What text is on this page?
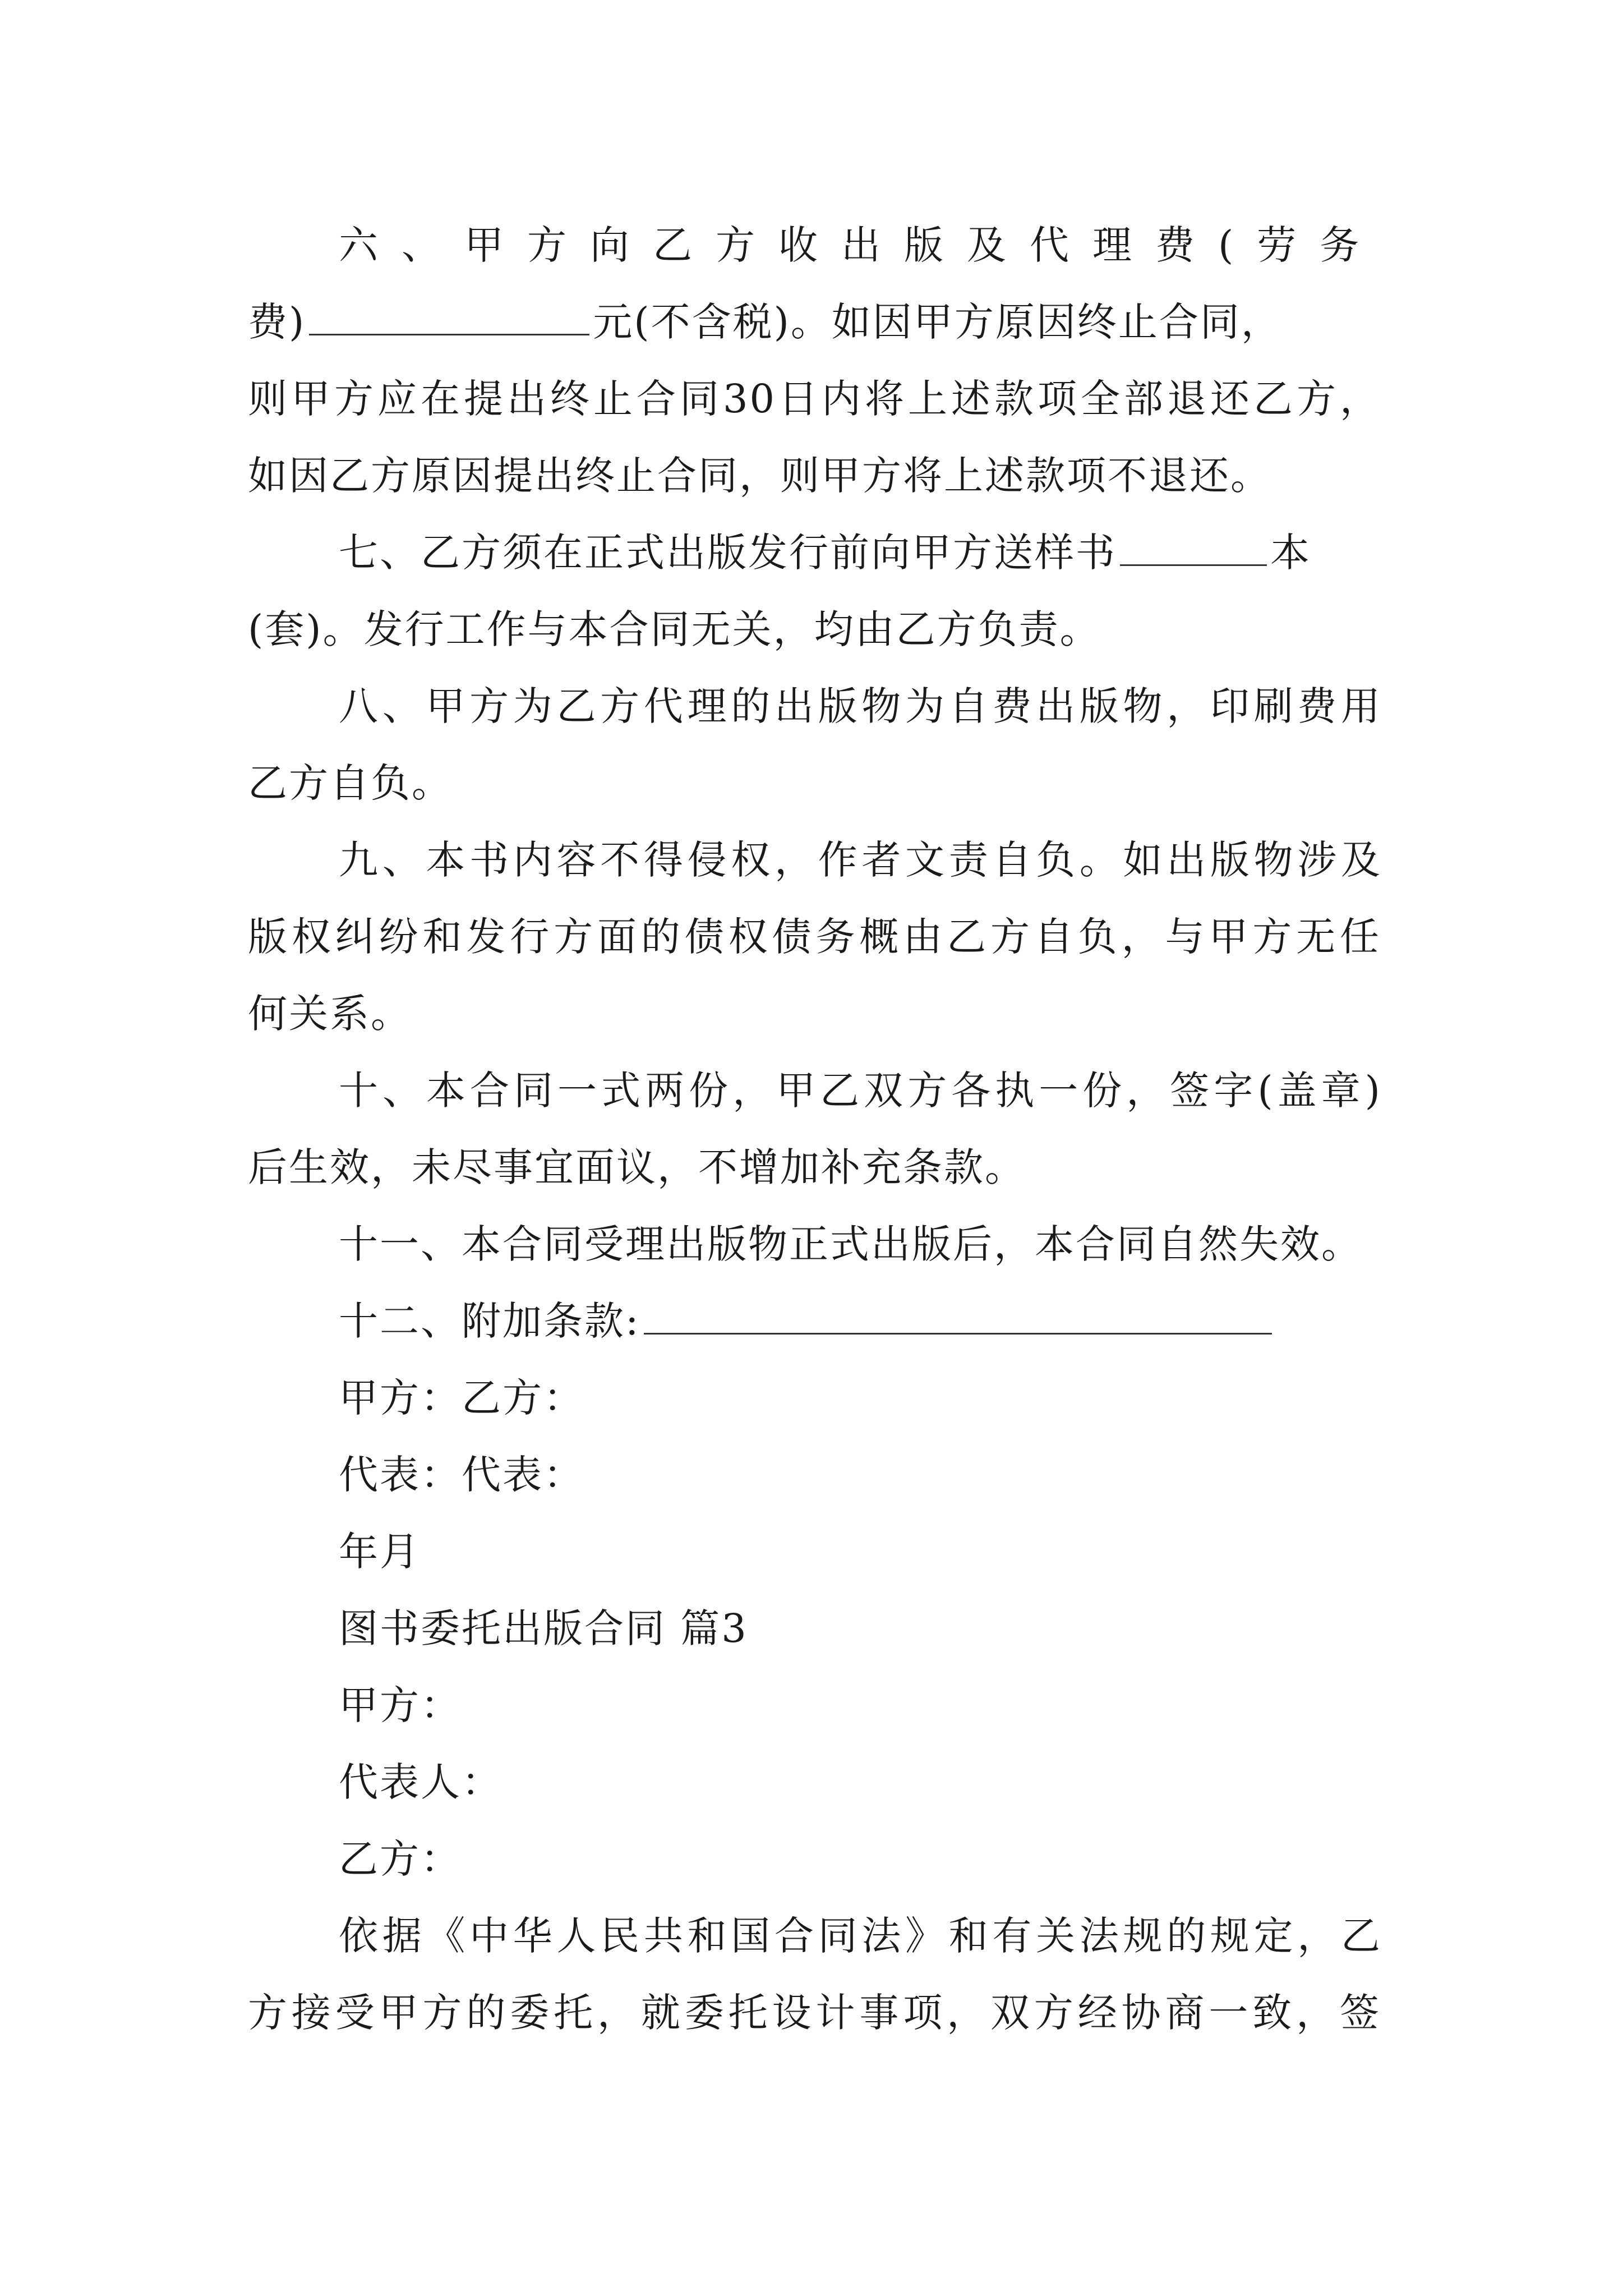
六、甲方向乙方收出版及代理费(劳务
费)	元(不含税)。如因甲方原因终止合同，
则甲方应在提出终止合同30日内将上述款项全部退还乙方，
如因乙方原因提出终止合同，则甲方将上述款项不退还。
七、乙方须在正式出版发行前向甲方送样书	本
(套)。发行工作与本合同无关，均由乙方负责。
八、甲方为乙方代理的出版物为自费出版物，印刷费用
乙方自负。
九、本书内容不得侵权，作者文责自负。如出版物涉及
版权纠纷和发行方面的债权债务概由乙方自负，与甲方无任
何关系。
十、本合同一式两份，甲乙双方各执一份，签字(盖章)
后生效，未尽事宜面议，不增加补充条款。
十一、本合同受理出版物正式出版后，本合同自然失效。
十二、附加条款:
甲方：乙方：
代表：代表：
年月
图书委托出版合同 篇3
甲方：
代表人：
乙方：
依据《中华人民共和国合同法》和有关法规的规定，乙
方接受甲方的委托，就委托设计事项，双方经协商一致，签
